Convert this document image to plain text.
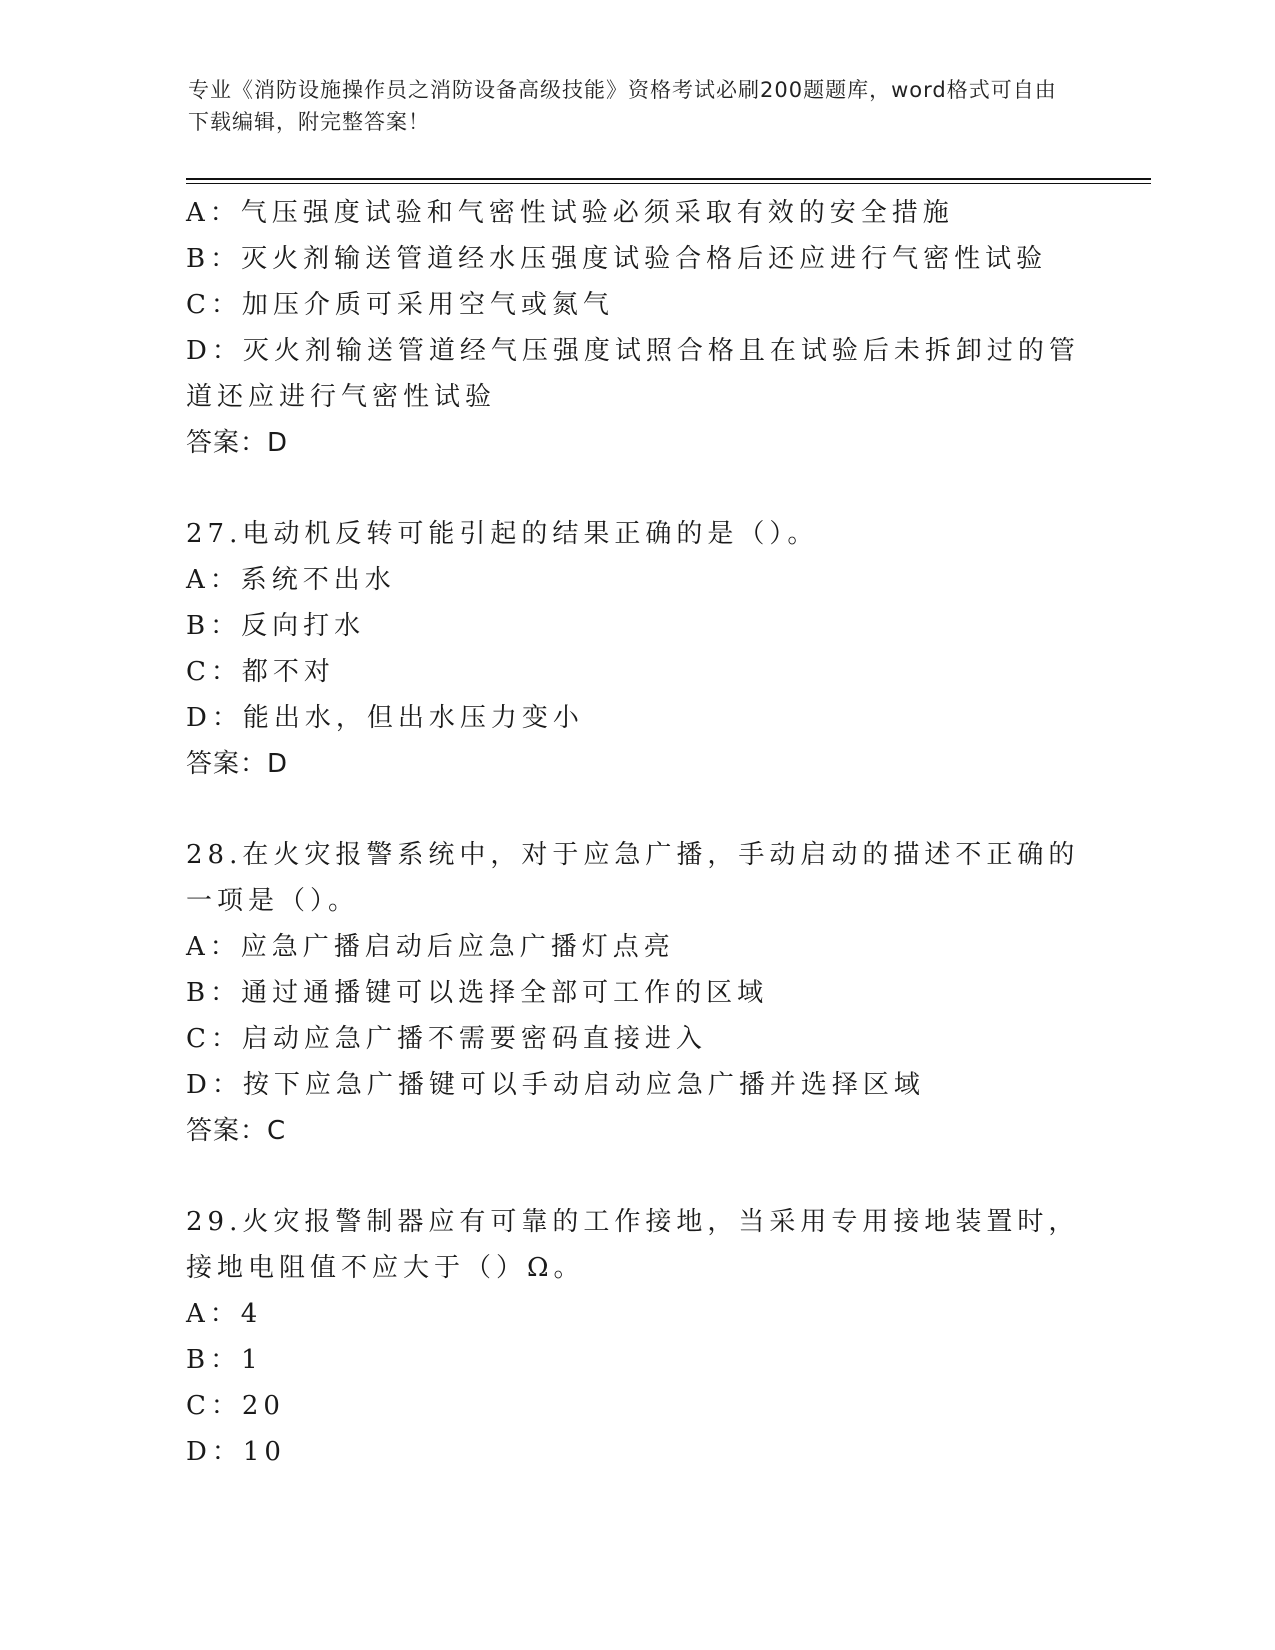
专业《消防设施操作员之消防设备高级技能》资格考试必刷200题题库，word格式可自由下载编辑，附完整答案！
A：气压强度试验和气密性试验必须采取有效的安全措施
B：灭火剂输送管道经水压强度试验合格后还应进行气密性试验
C：加压介质可采用空气或氮气
D：灭火剂输送管道经气压强度试照合格且在试验后未拆卸过的管道还应进行气密性试验
答案：D
27.电动机反转可能引起的结果正确的是（）。
A：系统不出水
B：反向打水
C：都不对
D：能出水，但出水压力变小
答案：D
28.在火灾报警系统中，对于应急广播，手动启动的描述不正确的一项是（）。
A：应急广播启动后应急广播灯点亮
B：通过通播键可以选择全部可工作的区域
C：启动应急广播不需要密码直接进入
D：按下应急广播键可以手动启动应急广播并选择区域
答案：C
29.火灾报警制器应有可靠的工作接地，当采用专用接地装置时，接地电阻值不应大于（）Ω。
A：4
B：1
C：20
D：10
